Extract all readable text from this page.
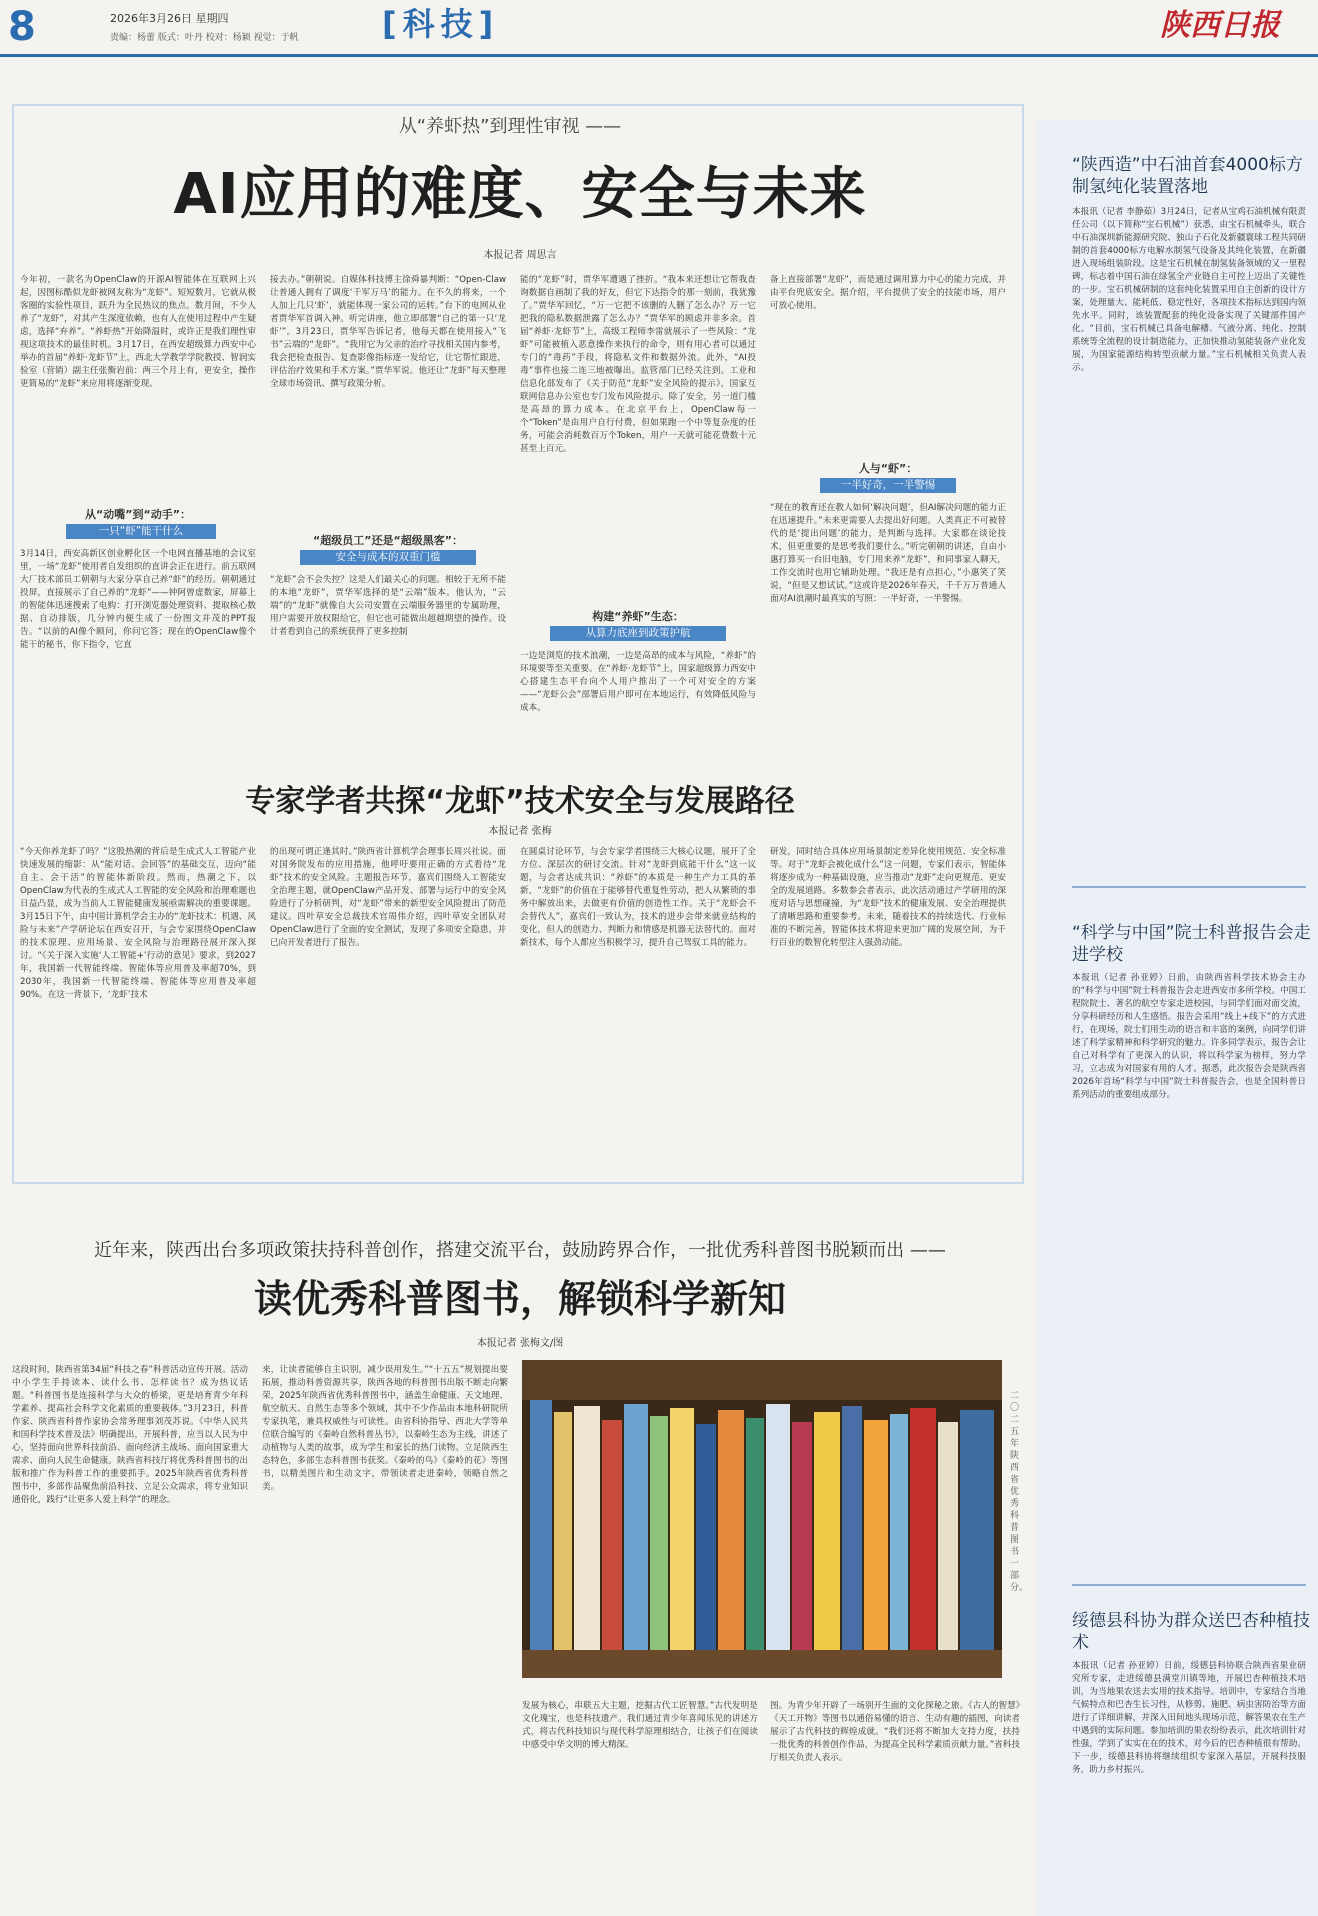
8	2026年3月26日 星期四
责编：杨蕾 版式：叶丹 校对：杨颖 视觉：于帆	[科技]	陕西日报
从“养虾热”到理性审视 ——
AI应用的难度、安全与未来
本报记者 周思言
今年初，一款名为OpenClaw的开源AI智能体在互联网上兴起，因图标酷似龙虾被网友称为“龙虾”。短短数月，它就从极客圈的实验性项目，跃升为全民热议的焦点。数月间，不少人养了“龙虾”，对其产生深度依赖，也有人在使用过程中产生疑虑，选择“弃养”。“养虾热”开始降温时，或许正是我们理性审视这项技术的最佳时机。3月17日，在西安超级算力西安中心举办的首届“养虾·龙虾节”上，西北大学教学学院教授、智润实验室（营销）副主任张衡岩前：两三个月上有，更安全，操作更简易的“龙虾”来应用将逐渐变现。
从“动嘴”到“动手”：
一只“虾”能干什么
3月14日，西安高新区创业孵化区一个电网直播基地的会议室里，一场“龙虾”使用者自发组织的直讲会正在进行。前五联网大厂技术部员工朝朝与大家分享自己养“虾”的经历。朝朝通过投屏，直接展示了自己养的“龙虾”——钟阿曾虚数家，屏幕上的智能体迅速搜索了电购：打开浏览器处理资料、提取核心数据、自动排版，几分钟内便生成了一份图文并茂的PPT报告。“以前的AI像个顾问，你问它答；现在的OpenClaw像个能干的秘书，你下指令，它直
接去办。”朝朝说。自媒体科技博主徐舜暴判断：“Open-Claw让普通人拥有了调度‘千军万马’的能力。在不久的将来，一个人加上几只‘虾’，就能体现一家公司的运转。”台下的电网从业者贾华军首调入神。听完讲座，他立即部署“自己的第一只‘龙虾’”。3月23日，贾华军告诉记者，他每天都在使用接入“飞书”云端的“龙虾”。“我用它为父亲的治疗寻找相关国内参考，我会把检查报告、复查影像指标逐一发给它，让它帮忙跟进，评估治疗效果和手术方案。”贾华军说。他还让“龙虾”每天整理全球市场资讯、撰写政策分析。
“超级员工”还是“超级黑客”：
安全与成本的双重门槛
“龙虾”会不会失控？这是人们最关心的问题。相较于无所不能的本地“龙虾”，贾华军选择的是“云端”版本。他认为，“云端”的“龙虾”就像自大公司安置在云端服务器里的专属助理，用户需要开放权限给它，但它也可能做出超越期望的操作。设计者看到自己的系统获得了更多控制
能的“龙虾”时，贾华军遭遇了挫折。“我本来还想让它帮我查询数据自画制了我的好友，但它下达指令的那一刻前，我犹豫了。”贾华军回忆，“万一它把不该删的人删了怎么办？万一它把我的隐私数据泄露了怎么办？”贾华军的顾虑并非多余。首届“养虾·龙虾节”上，高级工程师李雷就展示了一些风险：“龙虾”可能被植入恶意操作来执行的命令，则有用心者可以通过专门的“毒药”手段，将隐私文件和数据外流。此外，“AI投毒”事件也接二连三地被曝出。监管部门已经关注到。工业和信息化部发布了《关于防范“龙虾”安全风险的提示》，国家互联网信息办公室也专门发布风险提示。除了安全，另一道门槛是高昂的算力成本。在北京平台上，OpenClaw每一个“Token”是由用户自行付费，但如果跑一个中等复杂度的任务，可能会消耗数百万个Token，用户一天就可能花费数十元甚至上百元。
构建“养虾”生态：
从算力底座到政策护航
一边是浏览的技术浪潮，一边是高昂的成本与风险，“养虾”的环境要等至关重要。在“养虾·龙虾节”上，国家超级算力西安中心搭建生态平台向个人用户推出了一个可对安全的方案——“龙虾公会”部署后用户即可在本地运行，有效降低风险与成本。
备上直接部署“龙虾”，而是通过调用算力中心的能力完成，并由平台兜底安全。据介绍，平台提供了安全的技能市场，用户可放心使用。
人与“虾”：
一半好奇，一半警惕
“现在的教育还在教人如何‘解决问题’，但AI解决问题的能力正在迅速提升。”未来更需要人去提出好问题。人类真正不可被替代的是‘提出问题’的能力，是判断与选择。大家都在谈论技术，但更重要的是思考我们要什么。”听完朝朝的讲述，自由小惠打算买一台旧电脑，专门用来养“龙虾”，和同事家人聊天，工作交流时也用它辅助处理。“我还是有点担心，”小惠笑了笑说，“但是又想试试。”这或许是2026年春天，千千万万普通人面对AI浪潮时最真实的写照：一半好奇，一半警惕。
专家学者共探“龙虾”技术安全与发展路径
本报记者 张梅
“今天你养龙虾了吗？”这股热潮的背后是生成式人工智能产业快速发展的缩影：从“能对话、会回答”的基础交互，迈向“能自主、会干活”的智能体新阶段。然而，热潮之下，以OpenClaw为代表的生成式人工智能的安全风险和治理难题也日益凸显，成为当前人工智能健康发展亟需解决的重要课题。3月15日下午，由中国计算机学会主办的“龙虾技术：机遇、风险与未来”产学研论坛在西安召开，与会专家围绕OpenClaw的技术原理、应用场景、安全风险与治理路径展开深入探讨。“《关于深入实施‘人工智能+’行动的意见》要求，到2027年，我国新一代智能终端、智能体等应用普及率超70%，到2030年，我国新一代智能终端、智能体等应用普及率超90%。在这一背景下，‘龙虾’技术
的出现可谓正逢其时。”陕西省计算机学会理事长周兴社说。面对国务院发布的应用措施，他呼吁要用正确的方式看待“龙虾”技术的安全风险。主题报告环节，嘉宾们围绕人工智能安全治理主题，就OpenClaw产品开发、部署与运行中的安全风险进行了分析研判，对“龙虾”带来的新型安全风险提出了防范建议。四叶草安全总裁技术官周伟介绍，四叶草安全团队对OpenClaw进行了全面的安全测试，发现了多项安全隐患，并已向开发者进行了报告。
在圆桌讨论环节，与会专家学者围绕三大核心议题，展开了全方位、深层次的研讨交流。针对“龙虾到底能干什么”这一议题，与会者达成共识：“养虾”的本质是一种生产力工具的革新，“龙虾”的价值在于能够替代重复性劳动，把人从繁琐的事务中解放出来，去做更有价值的创造性工作。关于“龙虾会不会替代人”，嘉宾们一致认为，技术的进步会带来就业结构的变化，但人的创造力、判断力和情感是机器无法替代的。面对新技术，每个人都应当积极学习，提升自己驾驭工具的能力。
研发，同时结合具体应用场景制定差异化使用规范、安全标准等。对于“龙虾会被化成什么”这一问题，专家们表示，智能体将逐步成为一种基础设施，应当推动“龙虾”走向更规范、更安全的发展道路。多数参会者表示，此次活动通过产学研用的深度对话与思想碰撞，为“龙虾”技术的健康发展、安全治理提供了清晰思路和重要参考。未来，随着技术的持续迭代、行业标准的不断完善，智能体技术将迎来更加广阔的发展空间，为千行百业的数智化转型注入强劲动能。
近年来，陕西出台多项政策扶持科普创作，搭建交流平台，鼓励跨界合作，一批优秀科普图书脱颖而出 ——
读优秀科普图书，解锁科学新知
本报记者 张梅文/图
这段时间，陕西省第34届“科技之春”科普活动宣传开展。活动中小学生手持读本、读什么书、怎样读书？成为热议话题。“科普图书是连接科学与大众的桥梁，更是培育青少年科学素养、提高社会科学文化素质的重要载体。”3月23日，科普作家、陕西省科普作家协会常务理事刘茂苏说。《中华人民共和国科学技术普及法》明确提出，开展科普，应当以人民为中心，坚持面向世界科技前沿、面向经济主战场、面向国家重大需求、面向人民生命健康。陕西省科技厅将优秀科普图书的出版和推广作为科普工作的重要抓手。2025年陕西省优秀科普图书中，多部作品聚焦前沿科技、立足公众需求，将专业知识通俗化，践行“让更多人爱上科学”的理念。
来，让读者能够自主识别，减少误用发生。”“十五五”规划提出要拓展，推动科普资源共享，陕西各地的科普图书出版不断走向繁荣，2025年陕西省优秀科普图书中，涵盖生命健康、天文地理、航空航天、自然生态等多个领域，其中不少作品由本地科研院所专家执笔，兼具权威性与可读性。由省科协指导、西北大学等单位联合编写的《秦岭自然科普丛书》，以秦岭生态为主线，讲述了动植物与人类的故事，成为学生和家长的热门读物。立足陕西生态特色，多部生态科普图书获奖。《秦岭的鸟》《秦岭的花》等图书，以精美图片和生动文字，带领读者走进秦岭，领略自然之美。
二〇二五年陕西省优秀科普图书一部分。
发展为核心，串联五大主题，挖掘古代工匠智慧。”古代发明是文化瑰宝，也是科技遗产。我们通过青少年喜闻乐见的讲述方式，将古代科技知识与现代科学原理相结合，让孩子们在阅读中感受中华文明的博大精深。
图。为青少年开辟了一场别开生面的文化探秘之旅。《古人的智慧》《天工开物》等图书以通俗易懂的语言、生动有趣的插图，向读者展示了古代科技的辉煌成就。“我们还将不断加大支持力度，扶持一批优秀的科普创作作品，为提高全民科学素质贡献力量。”省科技厅相关负责人表示。
“陕西造”中石油首套4000标方制氢纯化装置落地
本报讯（记者 李静茹）3月24日，记者从宝鸡石油机械有限责任公司（以下简称“宝石机械”）获悉，由宝石机械牵头，联合中石油深圳新能源研究院、独山子石化及新疆寰球工程共同研制的首套4000标方电解水制氢气设备及其纯化装置，在新疆进入现场组装阶段。这是宝石机械在制氢装备领域的又一里程碑，标志着中国石油在绿氢全产业链自主可控上迈出了关键性的一步。宝石机械研制的这套纯化装置采用自主创新的设计方案，处理量大、能耗低、稳定性好，各项技术指标达到国内领先水平。同时，该装置配套的纯化设备实现了关键部件国产化。“目前，宝石机械已具备电解槽、气液分离、纯化、控制系统等全流程的设计制造能力，正加快推动氢能装备产业化发展，为国家能源结构转型贡献力量。”宝石机械相关负责人表示。
“科学与中国”院士科普报告会走进学校
本报讯（记者 孙亚婷）日前，由陕西省科学技术协会主办的“科学与中国”院士科普报告会走进西安市多所学校。中国工程院院士、著名的航空专家走进校园，与同学们面对面交流，分享科研经历和人生感悟。报告会采用“线上+线下”的方式进行，在现场，院士们用生动的语言和丰富的案例，向同学们讲述了科学家精神和科学研究的魅力。许多同学表示，报告会让自己对科学有了更深入的认识，将以科学家为榜样，努力学习，立志成为对国家有用的人才。据悉，此次报告会是陕西省2026年首场“科学与中国”院士科普报告会，也是全国科普日系列活动的重要组成部分。
绥德县科协为群众送巴杏种植技术
本报讯（记者 孙亚婷）日前，绥德县科协联合陕西省果业研究所专家，走进绥德县满堂川镇等地，开展巴杏种植技术培训，为当地果农送去实用的技术指导。培训中，专家结合当地气候特点和巴杏生长习性，从修剪、施肥、病虫害防治等方面进行了详细讲解，并深入田间地头现场示范，解答果农在生产中遇到的实际问题。参加培训的果农纷纷表示，此次培训针对性强，学到了实实在在的技术，对今后的巴杏种植很有帮助。下一步，绥德县科协将继续组织专家深入基层，开展科技服务，助力乡村振兴。
